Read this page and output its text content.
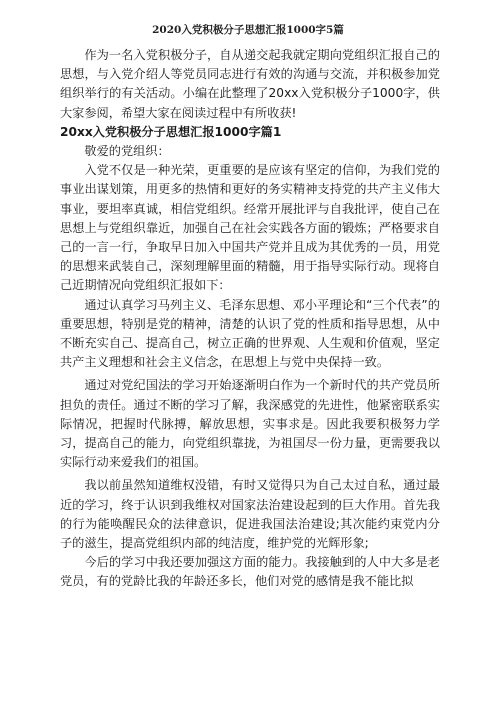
2020入党积极分子思想汇报1000字5篇

作为一名入党积极分子，自从递交起我就定期向党组织汇报自己的思想，与入党介绍人等党员同志进行有效的沟通与交流，并积极参加党组织举行的有关活动。小编在此整理了20xx入党积极分子1000字，供大家参阅，希望大家在阅读过程中有所收获!

20xx入党积极分子思想汇报1000字篇1

敬爱的党组织：

入党不仅是一种光荣，更重要的是应该有坚定的信仰，为我们党的事业出谋划策，用更多的热情和更好的务实精神支持党的共产主义伟大事业，要坦率真诚，相信党组织。经常开展批评与自我批评，使自己在思想上与党组织靠近，加强自己在社会实践各方面的锻炼；严格要求自己的一言一行，争取早日加入中国共产党并且成为其优秀的一员，用党的思想来武装自己，深刻理解里面的精髓，用于指导实际行动。现将自己近期情况向党组织汇报如下：

通过认真学习马列主义、毛泽东思想、邓小平理论和“三个代表”的重要思想，特别是党的精神，清楚的认识了党的性质和指导思想，从中不断充实自己、提高自己，树立正确的世界观、人生观和价值观，坚定共产主义理想和社会主义信念，在思想上与党中央保持一致。

通过对党纪国法的学习开始逐渐明白作为一个新时代的共产党员所担负的责任。通过不断的学习了解，我深感党的先进性，他紧密联系实际情况，把握时代脉搏，解放思想，实事求是。因此我要积极努力学习，提高自己的能力，向党组织靠拢，为祖国尽一份力量，更需要我以实际行动来爱我们的祖国。

我以前虽然知道维权没错，有时又觉得只为自己太过自私，通过最近的学习，终于认识到我维权对国家法治建设起到的巨大作用。首先我的行为能唤醒民众的法律意识，促进我国法治建设;其次能约束党内分子的滋生，提高党组织内部的纯洁度，维护党的光辉形象;

今后的学习中我还要加强这方面的能力。我接触到的人中大多是老党员，有的党龄比我的年龄还多长，他们对党的感情是我不能比拟
